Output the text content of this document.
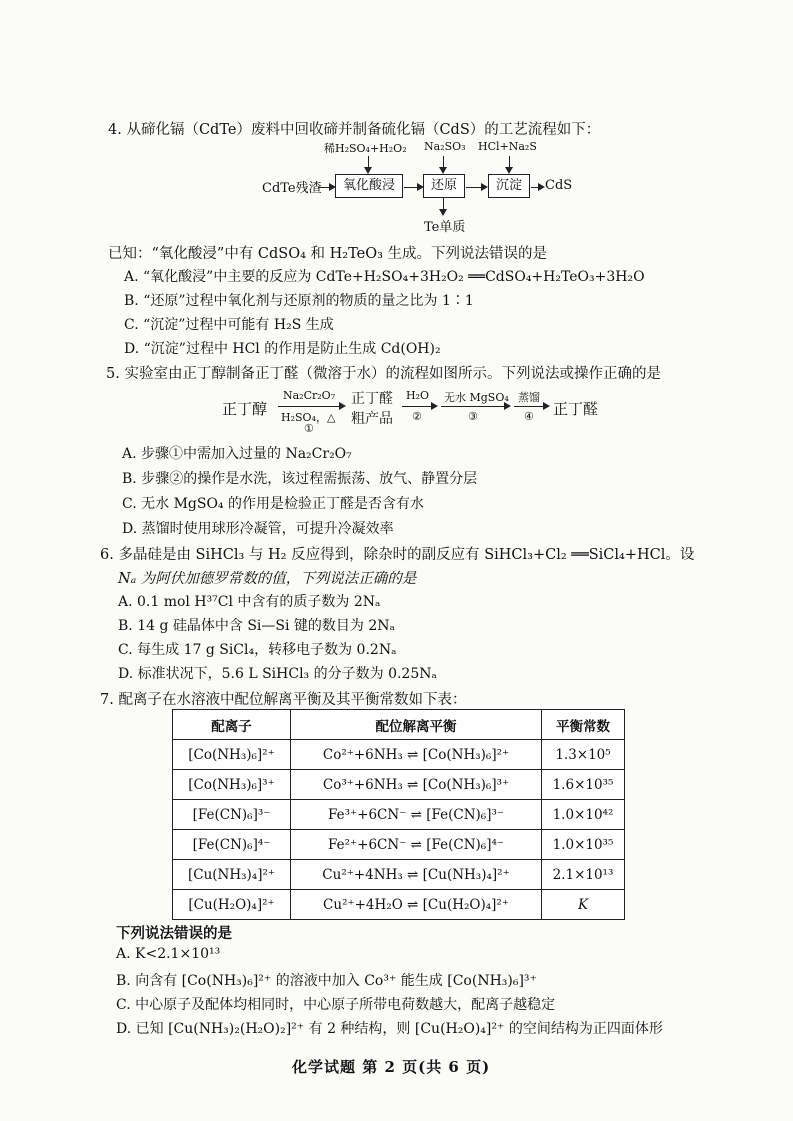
4. 从碲化镉（CdTe）废料中回收碲并制备硫化镉（CdS）的工艺流程如下：
稀H₂SO₄+H₂O₂ Na₂SO₃ HCl+Na₂S
CdTe残渣	氧化酸浸	还原	沉淀	CdS
Te单质
已知：“氧化酸浸”中有 CdSO₄ 和 H₂TeO₃ 生成。下列说法错误的是
A. “氧化酸浸”中主要的反应为 CdTe+H₂SO₄+3H₂O₂ ══CdSO₄+H₂TeO₃+3H₂O
B. “还原”过程中氧化剂与还原剂的物质的量之比为 1∶1
C. “沉淀”过程中可能有 H₂S 生成
D. “沉淀”过程中 HCl 的作用是防止生成 Cd(OH)₂
5. 实验室由正丁醇制备正丁醛（微溶于水）的流程如图所示。下列说法或操作正确的是
正丁醇
Na₂Cr₂O₇
H₂SO₄，△
①
正丁醛
粗产品
H₂O
②
无水 MgSO₄
③
蒸馏
④ 正丁醛
A. 步骤①中需加入过量的 Na₂Cr₂O₇
B. 步骤②的操作是水洗，该过程需振荡、放气、静置分层
C. 无水 MgSO₄ 的作用是检验正丁醛是否含有水
D. 蒸馏时使用球形冷凝管，可提升冷凝效率
6. 多晶硅是由 SiHCl₃ 与 H₂ 反应得到，除杂时的副反应有 SiHCl₃+Cl₂ ══SiCl₄+HCl。设
Nₐ 为阿伏加德罗常数的值，下列说法正确的是
A. 0.1 mol H³⁷Cl 中含有的质子数为 2Nₐ
B. 14 g 硅晶体中含 Si—Si 键的数目为 2Nₐ
C. 每生成 17 g SiCl₄，转移电子数为 0.2Nₐ
D. 标准状况下，5.6 L SiHCl₃ 的分子数为 0.25Nₐ
7. 配离子在水溶液中配位解离平衡及其平衡常数如下表：
配离子	配位解离平衡	平衡常数
[Co(NH₃)₆]²⁺	Co²⁺+6NH₃ ⇌ [Co(NH₃)₆]²⁺	1.3×10⁵
[Co(NH₃)₆]³⁺	Co³⁺+6NH₃ ⇌ [Co(NH₃)₆]³⁺	1.6×10³⁵
[Fe(CN)₆]³⁻	Fe³⁺+6CN⁻ ⇌ [Fe(CN)₆]³⁻	1.0×10⁴²
[Fe(CN)₆]⁴⁻	Fe²⁺+6CN⁻ ⇌ [Fe(CN)₆]⁴⁻	1.0×10³⁵
[Cu(NH₃)₄]²⁺	Cu²⁺+4NH₃ ⇌ [Cu(NH₃)₄]²⁺	2.1×10¹³
[Cu(H₂O)₄]²⁺	Cu²⁺+4H₂O ⇌ [Cu(H₂O)₄]²⁺	K
下列说法错误的是
A. K<2.1×10¹³
B. 向含有 [Co(NH₃)₆]²⁺ 的溶液中加入 Co³⁺ 能生成 [Co(NH₃)₆]³⁺
C. 中心原子及配体均相同时，中心原子所带电荷数越大，配离子越稳定
D. 已知 [Cu(NH₃)₂(H₂O)₂]²⁺ 有 2 种结构，则 [Cu(H₂O)₄]²⁺ 的空间结构为正四面体形
化学试题 第 2 页(共 6 页)
